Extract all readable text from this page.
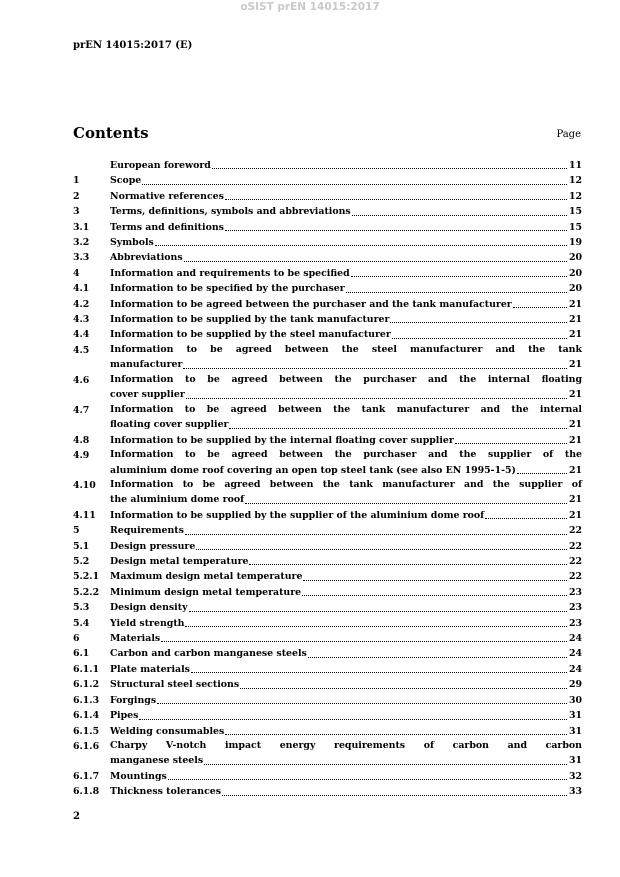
oSIST prEN 14015:2017
prEN 14015:2017 (E)
Contents	Page
European foreword	11
1	Scope	12
2	Normative references	12
3	Terms, definitions, symbols and abbreviations	15
3.1	Terms and definitions	15
3.2	Symbols	19
3.3	Abbreviations	20
4	Information and requirements to be specified	20
4.1	Information to be specified by the purchaser	20
4.2	Information to be agreed between the purchaser and the tank manufacturer	21
4.3	Information to be supplied by the tank manufacturer	21
4.4	Information to be supplied by the steel manufacturer	21
4.5	Information to be agreed between the steel manufacturer and the tank
manufacturer	21
4.6	Information to be agreed between the purchaser and the internal floating
cover supplier	21
4.7	Information to be agreed between the tank manufacturer and the internal
floating cover supplier	21
4.8	Information to be supplied by the internal floating cover supplier	21
4.9	Information to be agreed between the purchaser and the supplier of the
aluminium dome roof covering an open top steel tank (see also EN 1995-1-5)	21
4.10	Information to be agreed between the tank manufacturer and the supplier of
the aluminium dome roof	21
4.11	Information to be supplied by the supplier of the aluminium dome roof	21
5	Requirements	22
5.1	Design pressure	22
5.2	Design metal temperature	22
5.2.1	Maximum design metal temperature	22
5.2.2	Minimum design metal temperature	23
5.3	Design density	23
5.4	Yield strength	23
6	Materials	24
6.1	Carbon and carbon manganese steels	24
6.1.1	Plate materials	24
6.1.2	Structural steel sections	29
6.1.3	Forgings	30
6.1.4	Pipes	31
6.1.5	Welding consumables	31
6.1.6	Charpy V-notch impact energy requirements of carbon and carbon
manganese steels	31
6.1.7	Mountings	32
6.1.8	Thickness tolerances	33
2
